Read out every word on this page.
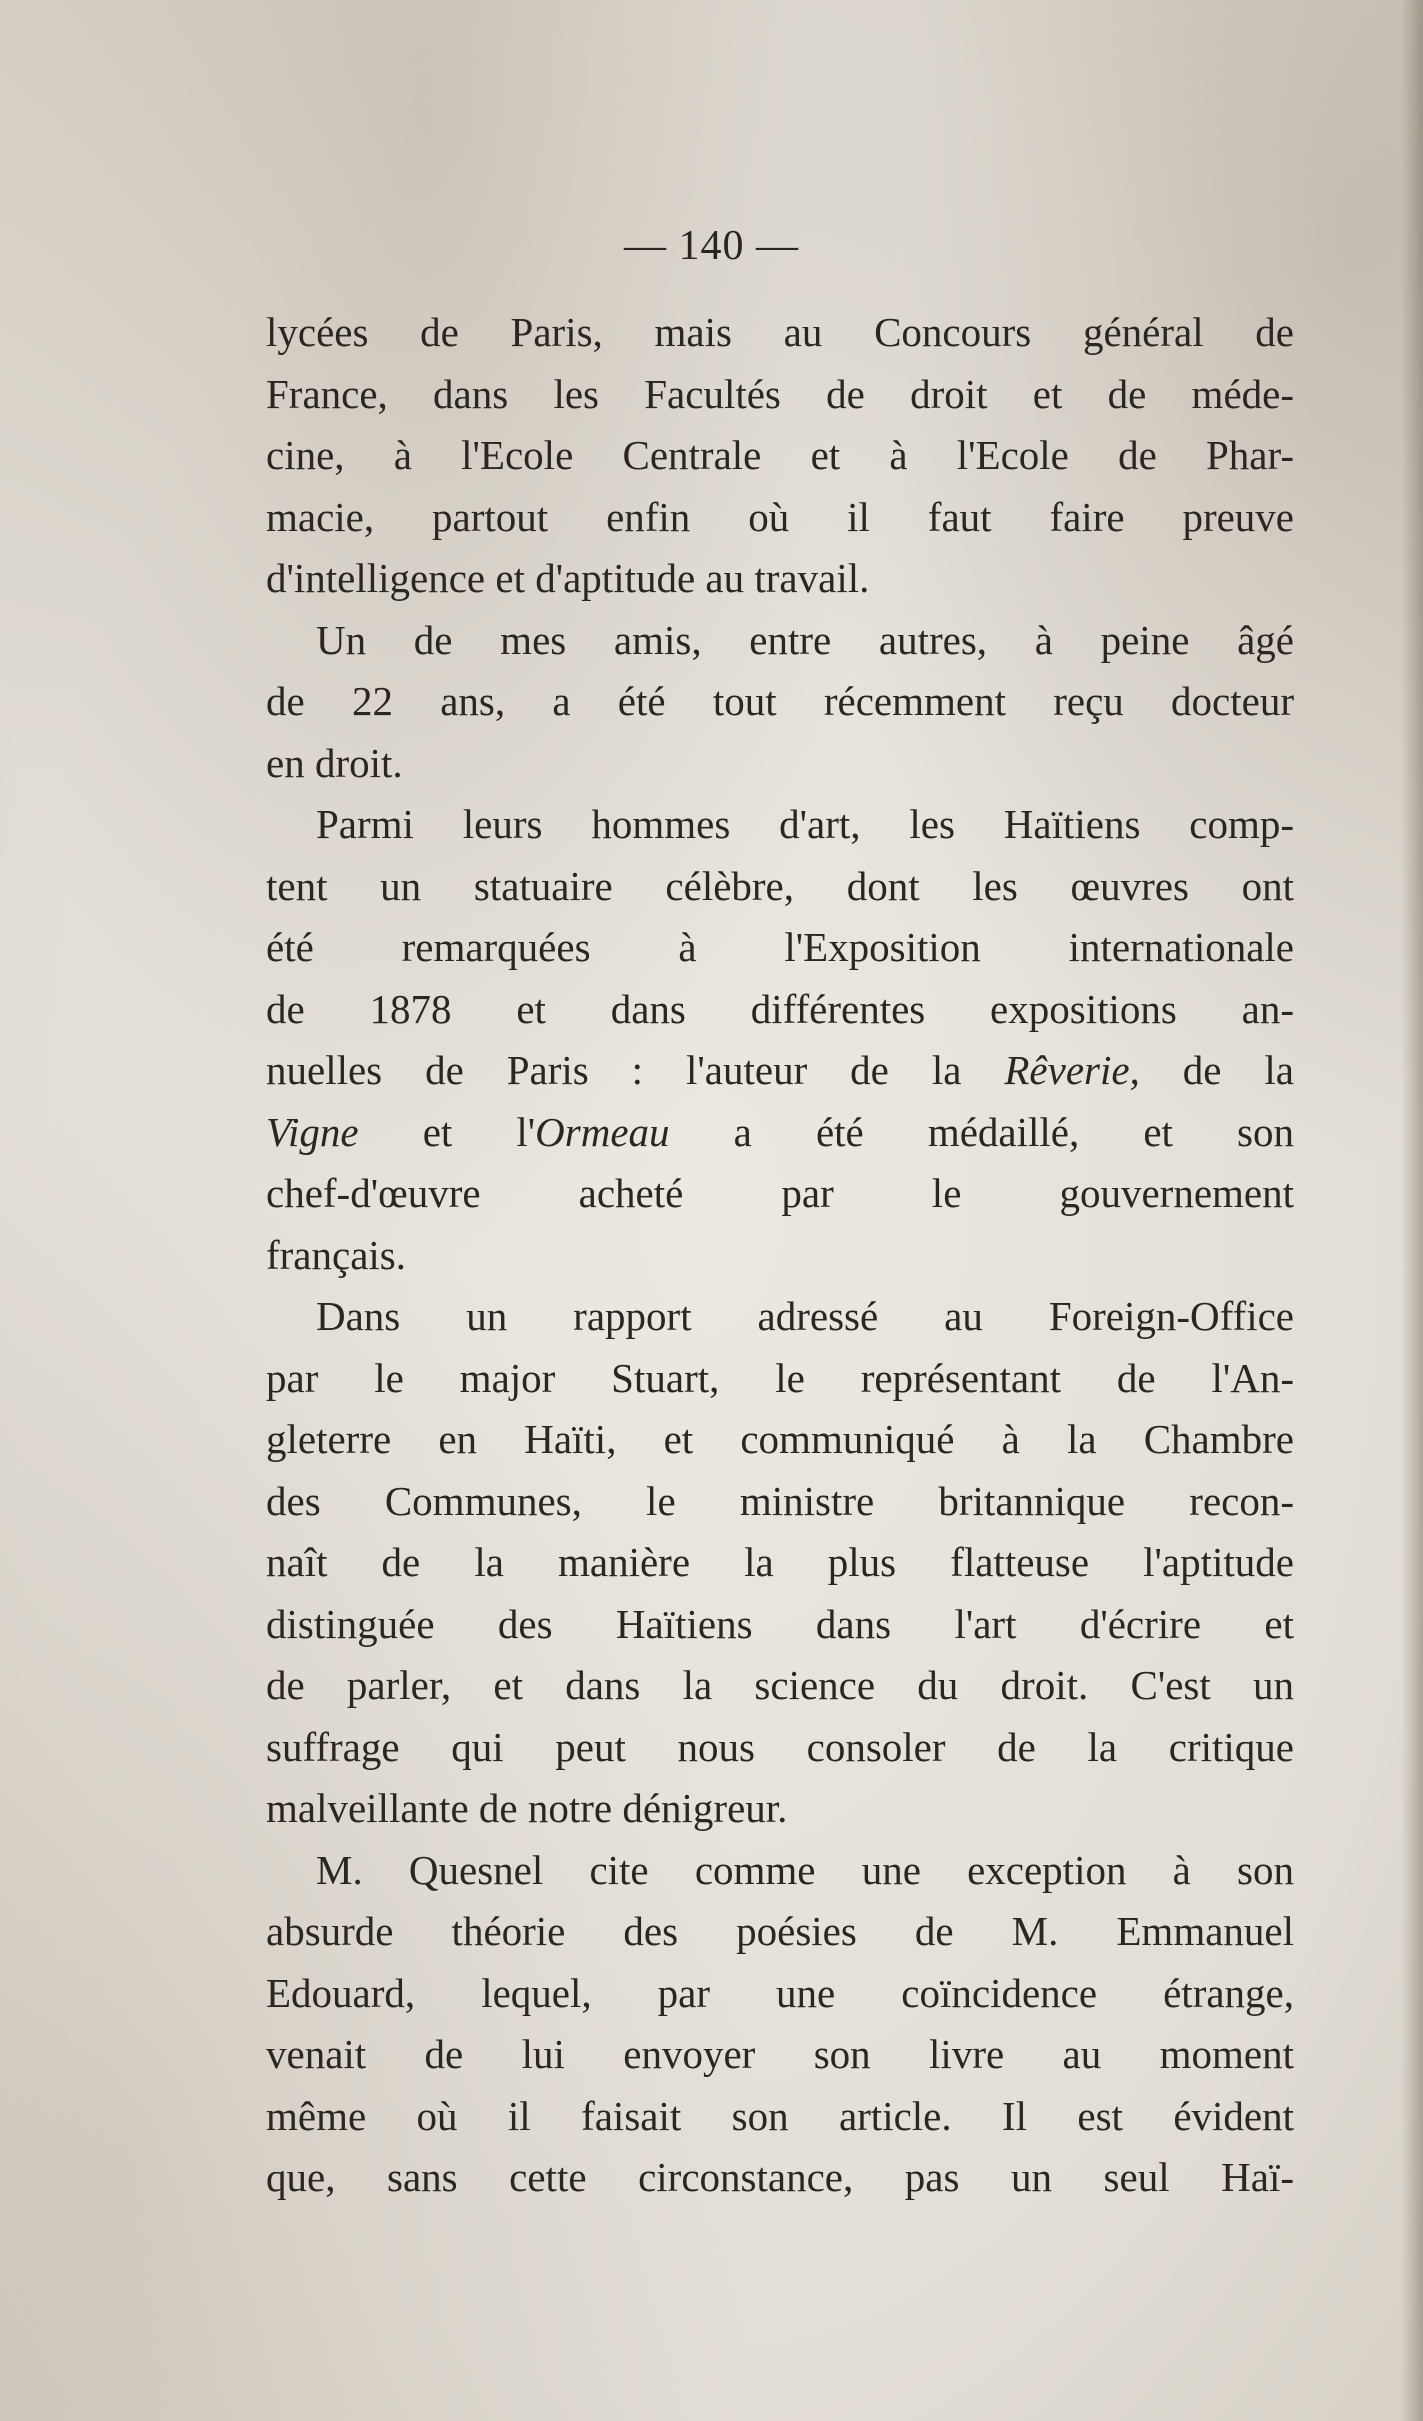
— 140 —
lycées de Paris, mais au Concours général de
France, dans les Facultés de droit et de méde-
cine, à l'Ecole Centrale et à l'Ecole de Phar-
macie, partout enfin où il faut faire preuve
d'intelligence et d'aptitude au travail.
Un de mes amis, entre autres, à peine âgé
de 22 ans, a été tout récemment reçu docteur
en droit.
Parmi leurs hommes d'art, les Haïtiens comp-
tent un statuaire célèbre, dont les œuvres ont
été remarquées à l'Exposition internationale
de 1878 et dans différentes expositions an-
nuelles de Paris : l'auteur de la Rêverie, de la
Vigne et l'Ormeau a été médaillé, et son
chef-d'œuvre acheté par le gouvernement
français.
Dans un rapport adressé au Foreign-Office
par le major Stuart, le représentant de l'An-
gleterre en Haïti, et communiqué à la Chambre
des Communes, le ministre britannique recon-
naît de la manière la plus flatteuse l'aptitude
distinguée des Haïtiens dans l'art d'écrire et
de parler, et dans la science du droit. C'est un
suffrage qui peut nous consoler de la critique
malveillante de notre dénigreur.
M. Quesnel cite comme une exception à son
absurde théorie des poésies de M. Emmanuel
Edouard, lequel, par une coïncidence étrange,
venait de lui envoyer son livre au moment
même où il faisait son article. Il est évident
que, sans cette circonstance, pas un seul Haï-
